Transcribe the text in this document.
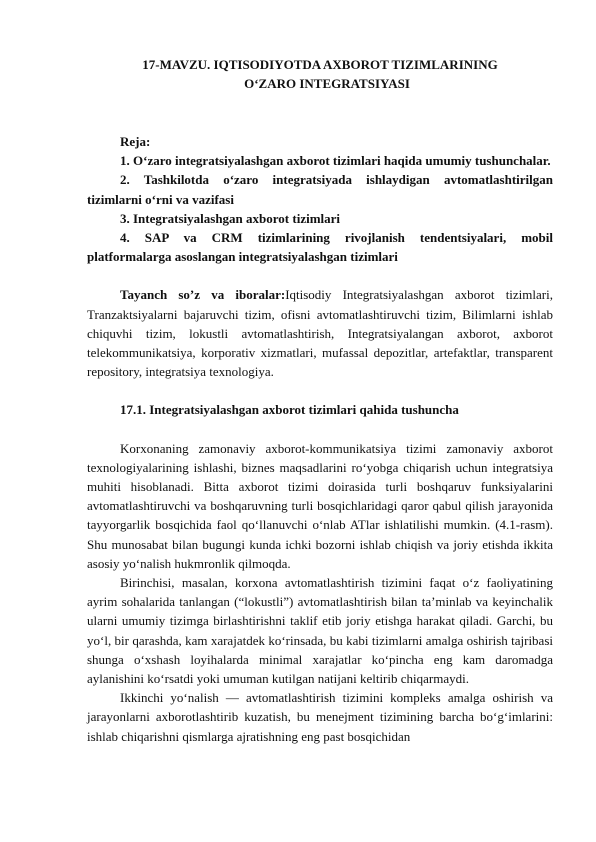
17-MAVZU. IQTISODIYOTDA AXBOROT TIZIMLARINING
O‘ZARO INTEGRATSIYASI

Reja:

1. O‘zaro integratsiyalashgan axborot tizimlari haqida umumiy tushunchalar.

2. Tashkilotda o‘zaro integratsiyada ishlaydigan avtomatlashtirilgan tizimlarni o‘rni va vazifasi

3. Integratsiyalashgan axborot tizimlari

4. SAP va CRM tizimlarining rivojlanish tendentsiyalari, mobil platformalarga asoslangan integratsiyalashgan tizimlari

Tayanch so’z va iboralar:Iqtisodiy Integratsiyalashgan axborot tizimlari, Tranzaktsiyalarni bajaruvchi tizim, ofisni avtomatlashtiruvchi tizim, Bilimlarni ishlab chiquvhi tizim, lokustli avtomatlashtirish, Integratsiyalangan axborot, axborot telekommunikatsiya, korporativ xizmatlari, mufassal depozitlar, artefaktlar, transparent repository, integratsiya texnologiya.

17.1. Integratsiyalashgan axborot tizimlari qahida tushuncha

Korxonaning zamonaviy axborot-kommunikatsiya tizimi zamonaviy axborot texnologiyalarining ishlashi, biznes maqsadlarini ro‘yobga chiqarish uchun integratsiya muhiti hisoblanadi. Bitta axborot tizimi doirasida turli boshqaruv funksiyalarini avtomatlashtiruvchi va boshqaruvning turli bosqichlaridagi qaror qabul qilish jarayonida tayyorgarlik bosqichida faol qo‘llanuvchi o‘nlab ATlar ishlatilishi mumkin. (4.1-rasm). Shu munosabat bilan bugungi kunda ichki bozorni ishlab chiqish va joriy etishda ikkita asosiy yo‘nalish hukmronlik qilmoqda.

Birinchisi, masalan, korxona avtomatlashtirish tizimini faqat o‘z faoliyatining ayrim sohalarida tanlangan (“lokustli”) avtomatlashtirish bilan ta’minlab va keyinchalik ularni umumiy tizimga birlashtirishni taklif etib joriy etishga harakat qiladi. Garchi, bu yo‘l, bir qarashda, kam xarajatdek ko‘rinsada, bu kabi tizimlarni amalga oshirish tajribasi shunga o‘xshash loyihalarda minimal xarajatlar ko‘pincha eng kam daromadga aylanishini ko‘rsatdi yoki umuman kutilgan natijani keltirib chiqarmaydi.

Ikkinchi yo‘nalish — avtomatlashtirish tizimini kompleks amalga oshirish va jarayonlarni axborotlashtirib kuzatish, bu menejment tizimining barcha bo‘g‘imlarini: ishlab chiqarishni qismlarga ajratishning eng past bosqichidan
